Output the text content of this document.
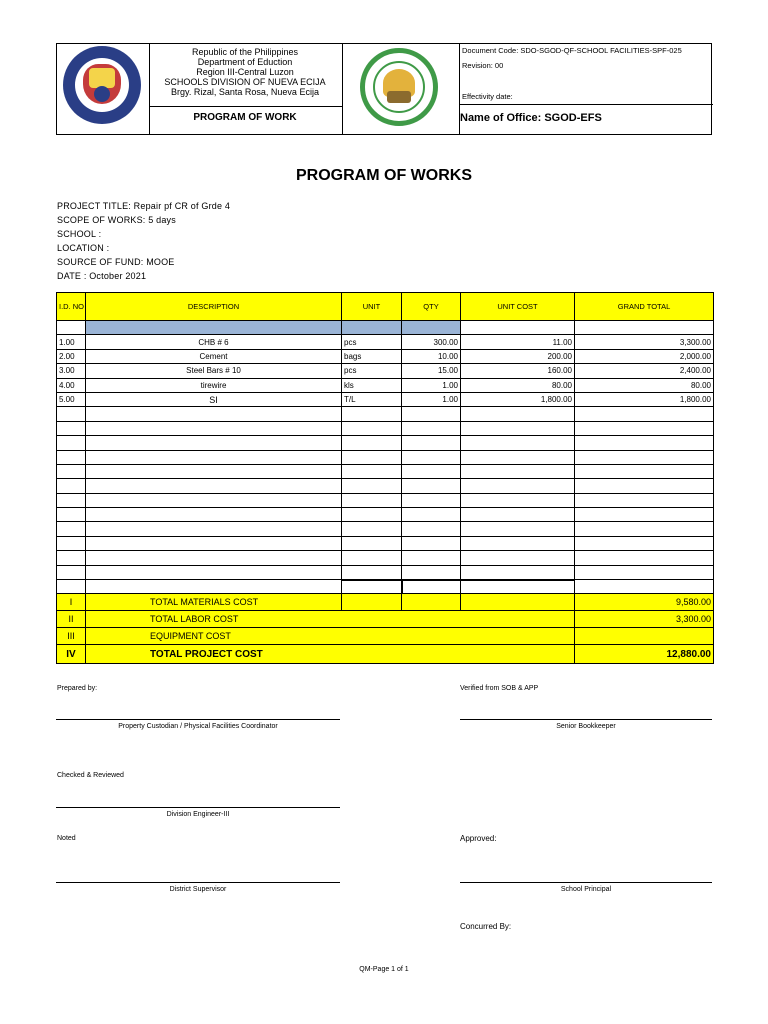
Republic of the Philippines
Department of Eduction
Region III-Central Luzon
SCHOOLS DIVISION OF NUEVA ECIJA
Brgy. Rizal, Santa Rosa, Nueva Ecija
PROGRAM OF WORK
Document Code: SDO-SGOD-QF-SCHOOL FACILITIES-SPF-025
Revision: 00
Effectivity date:
Name of Office: SGOD-EFS
PROGRAM OF WORKS
PROJECT TITLE: Repair pf CR of Grde 4
SCOPE OF WORKS: 5 days
SCHOOL :
LOCATION :
SOURCE OF FUND: MOOE
DATE : October 2021
I.D. NO	DESCRIPTION	UNIT	QTY	UNIT COST	GRAND TOTAL

1.00	CHB # 6	pcs	300.00	11.00	3,300.00
2.00	Cement	bags	10.00	200.00	2,000.00
3.00	Steel Bars # 10	pcs	15.00	160.00	2,400.00
4.00	tirewire	kls	1.00	80.00	80.00
5.00	SI	T/L	1.00	1,800.00	1,800.00

I	TOTAL MATERIALS COST				9,580.00
II	TOTAL LABOR COST				3,300.00
III	EQUIPMENT COST				
IV	TOTAL PROJECT COST				12,880.00
Prepared by:	Verified from SOB & APP
Property Custodian / Physical Facilities Coordinator	Senior Bookkeeper
Checked & Reviewed
Division Engineer-III
Noted	Approved:
District Supervisor	School Principal
Concurred By:
QM-Page 1 of 1
